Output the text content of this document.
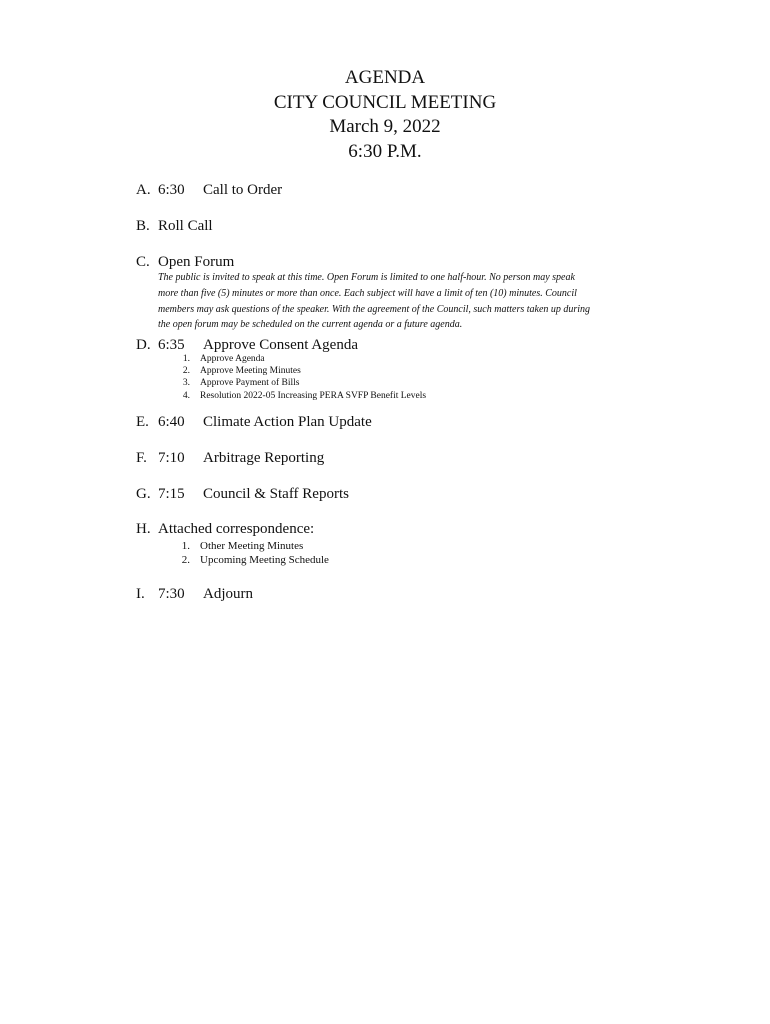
AGENDA
CITY COUNCIL MEETING
March 9, 2022
6:30 P.M.
A. 6:30 Call to Order
B. Roll Call
C. Open Forum
The public is invited to speak at this time. Open Forum is limited to one half-hour. No person may speak
more than five (5) minutes or more than once. Each subject will have a limit of ten (10) minutes. Council
members may ask questions of the speaker. With the agreement of the Council, such matters taken up during
the open forum may be scheduled on the current agenda or a future agenda.
D. 6:35 Approve Consent Agenda
1. Approve Agenda
2. Approve Meeting Minutes
3. Approve Payment of Bills
4. Resolution 2022-05 Increasing PERA SVFP Benefit Levels
E. 6:40 Climate Action Plan Update
F. 7:10 Arbitrage Reporting
G. 7:15 Council & Staff Reports
H. Attached correspondence:
1. Other Meeting Minutes
2. Upcoming Meeting Schedule
I. 7:30 Adjourn
